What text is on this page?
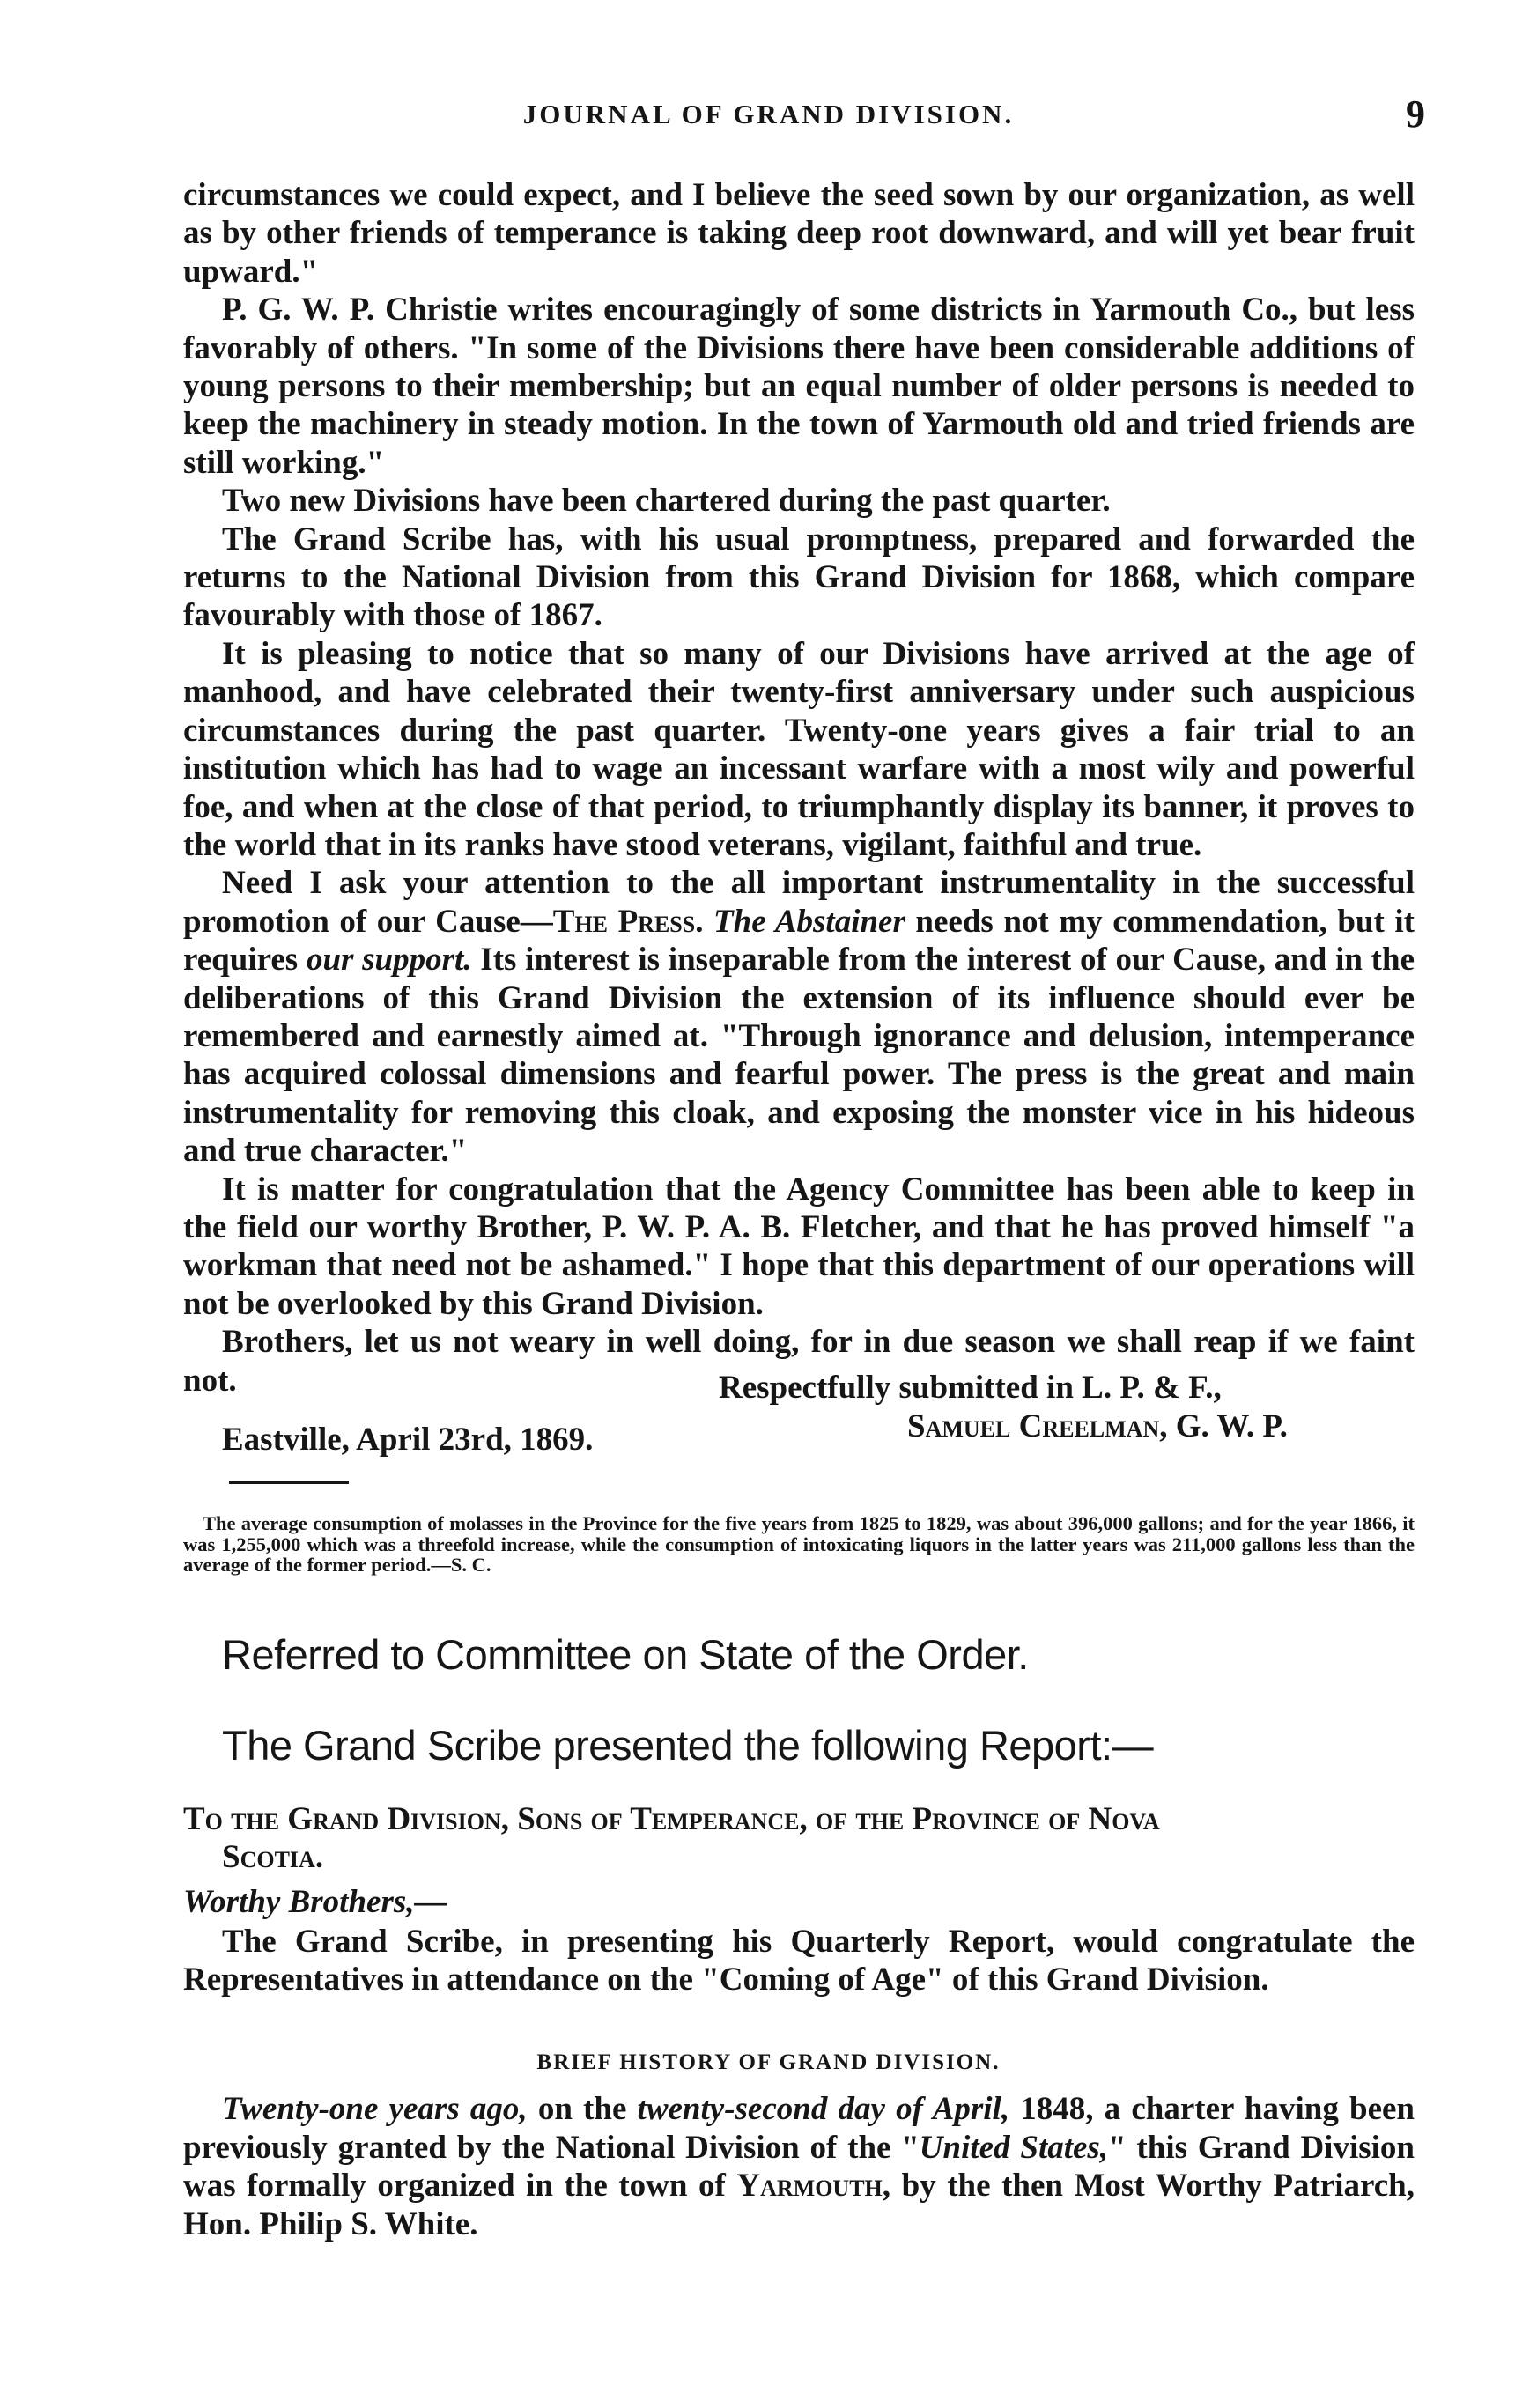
JOURNAL OF GRAND DIVISION.	9

circumstances we could expect, and I believe the seed sown by our organization, as well as by other friends of temperance is taking deep root downward, and will yet bear fruit upward."

P. G. W. P. Christie writes encouragingly of some districts in Yarmouth Co., but less favorably of others. "In some of the Divisions there have been considerable additions of young persons to their membership; but an equal number of older persons is needed to keep the machinery in steady motion. In the town of Yarmouth old and tried friends are still working."

Two new Divisions have been chartered during the past quarter.

The Grand Scribe has, with his usual promptness, prepared and forwarded the returns to the National Division from this Grand Division for 1868, which compare favourably with those of 1867.

It is pleasing to notice that so many of our Divisions have arrived at the age of manhood, and have celebrated their twenty-first anniversary under such auspicious circumstances during the past quarter. Twenty-one years gives a fair trial to an institution which has had to wage an incessant warfare with a most wily and powerful foe, and when at the close of that period, to triumphantly display its banner, it proves to the world that in its ranks have stood veterans, vigilant, faithful and true.

Need I ask your attention to the all important instrumentality in the successful promotion of our Cause—The Press. The Abstainer needs not my commendation, but it requires our support. Its interest is inseparable from the interest of our Cause, and in the deliberations of this Grand Division the extension of its influence should ever be remembered and earnestly aimed at. "Through ignorance and delusion, intemperance has acquired colossal dimensions and fearful power. The press is the great and main instrumentality for removing this cloak, and exposing the monster vice in his hideous and true character."

It is matter for congratulation that the Agency Committee has been able to keep in the field our worthy Brother, P. W. P. A. B. Fletcher, and that he has proved himself "a workman that need not be ashamed." I hope that this department of our operations will not be overlooked by this Grand Division.

Brothers, let us not weary in well doing, for in due season we shall reap if we faint not.	Respectfully submitted in L. P. & F.,
Samuel Creelman, G. W. P.
Eastville, April 23rd, 1869.

The average consumption of molasses in the Province for the five years from 1825 to 1829, was about 396,000 gallons; and for the year 1866, it was 1,255,000 which was a threefold increase, while the consumption of intoxicating liquors in the latter years was 211,000 gallons less than the average of the former period.—S. C.

Referred to Committee on State of the Order.
The Grand Scribe presented the following Report:—
To the Grand Division, Sons of Temperance, of the Province of Nova
Scotia.
Worthy Brothers,—

The Grand Scribe, in presenting his Quarterly Report, would congratulate the Representatives in attendance on the "Coming of Age" of this Grand Division.

BRIEF HISTORY OF GRAND DIVISION.

Twenty-one years ago, on the twenty-second day of April, 1848, a charter having been previously granted by the National Division of the "United States," this Grand Division was formally organized in the town of Yarmouth, by the then Most Worthy Patriarch, Hon. Philip S. White.
